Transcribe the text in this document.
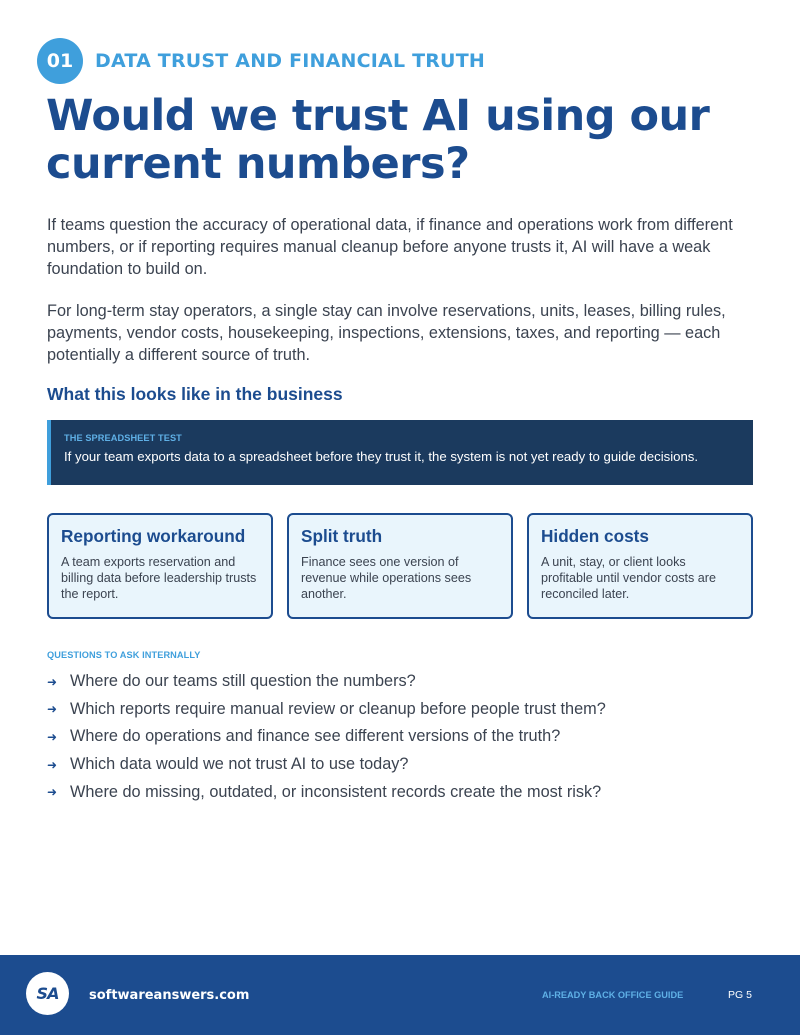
01	DATA TRUST AND FINANCIAL TRUTH
Would we trust AI using our
current numbers?

If teams question the accuracy of operational data, if finance and operations work from different numbers, or if reporting requires manual cleanup before anyone trusts it, AI will have a weak foundation to build on.

For long-term stay operators, a single stay can involve reservations, units, leases, billing rules, payments, vendor costs, housekeeping, inspections, extensions, taxes, and reporting — each potentially a different source of truth.

What this looks like in the business
THE SPREADSHEET TEST
If your team exports data to a spreadsheet before they trust it, the system is not yet ready to guide decisions.
Reporting workaround
A team exports reservation and billing data before leadership trusts the report.
Split truth
Finance sees one version of revenue while operations sees another.
Hidden costs
A unit, stay, or client looks profitable until vendor costs are reconciled later.
QUESTIONS TO ASK INTERNALLY
➜ Where do our teams still question the numbers?
➜ Which reports require manual review or cleanup before people trust them?
➜ Where do operations and finance see different versions of the truth?
➜ Which data would we not trust AI to use today?
➜ Where do missing, outdated, or inconsistent records create the most risk?
SA softwareanswers.com	AI-READY BACK OFFICE GUIDE	PG 5
